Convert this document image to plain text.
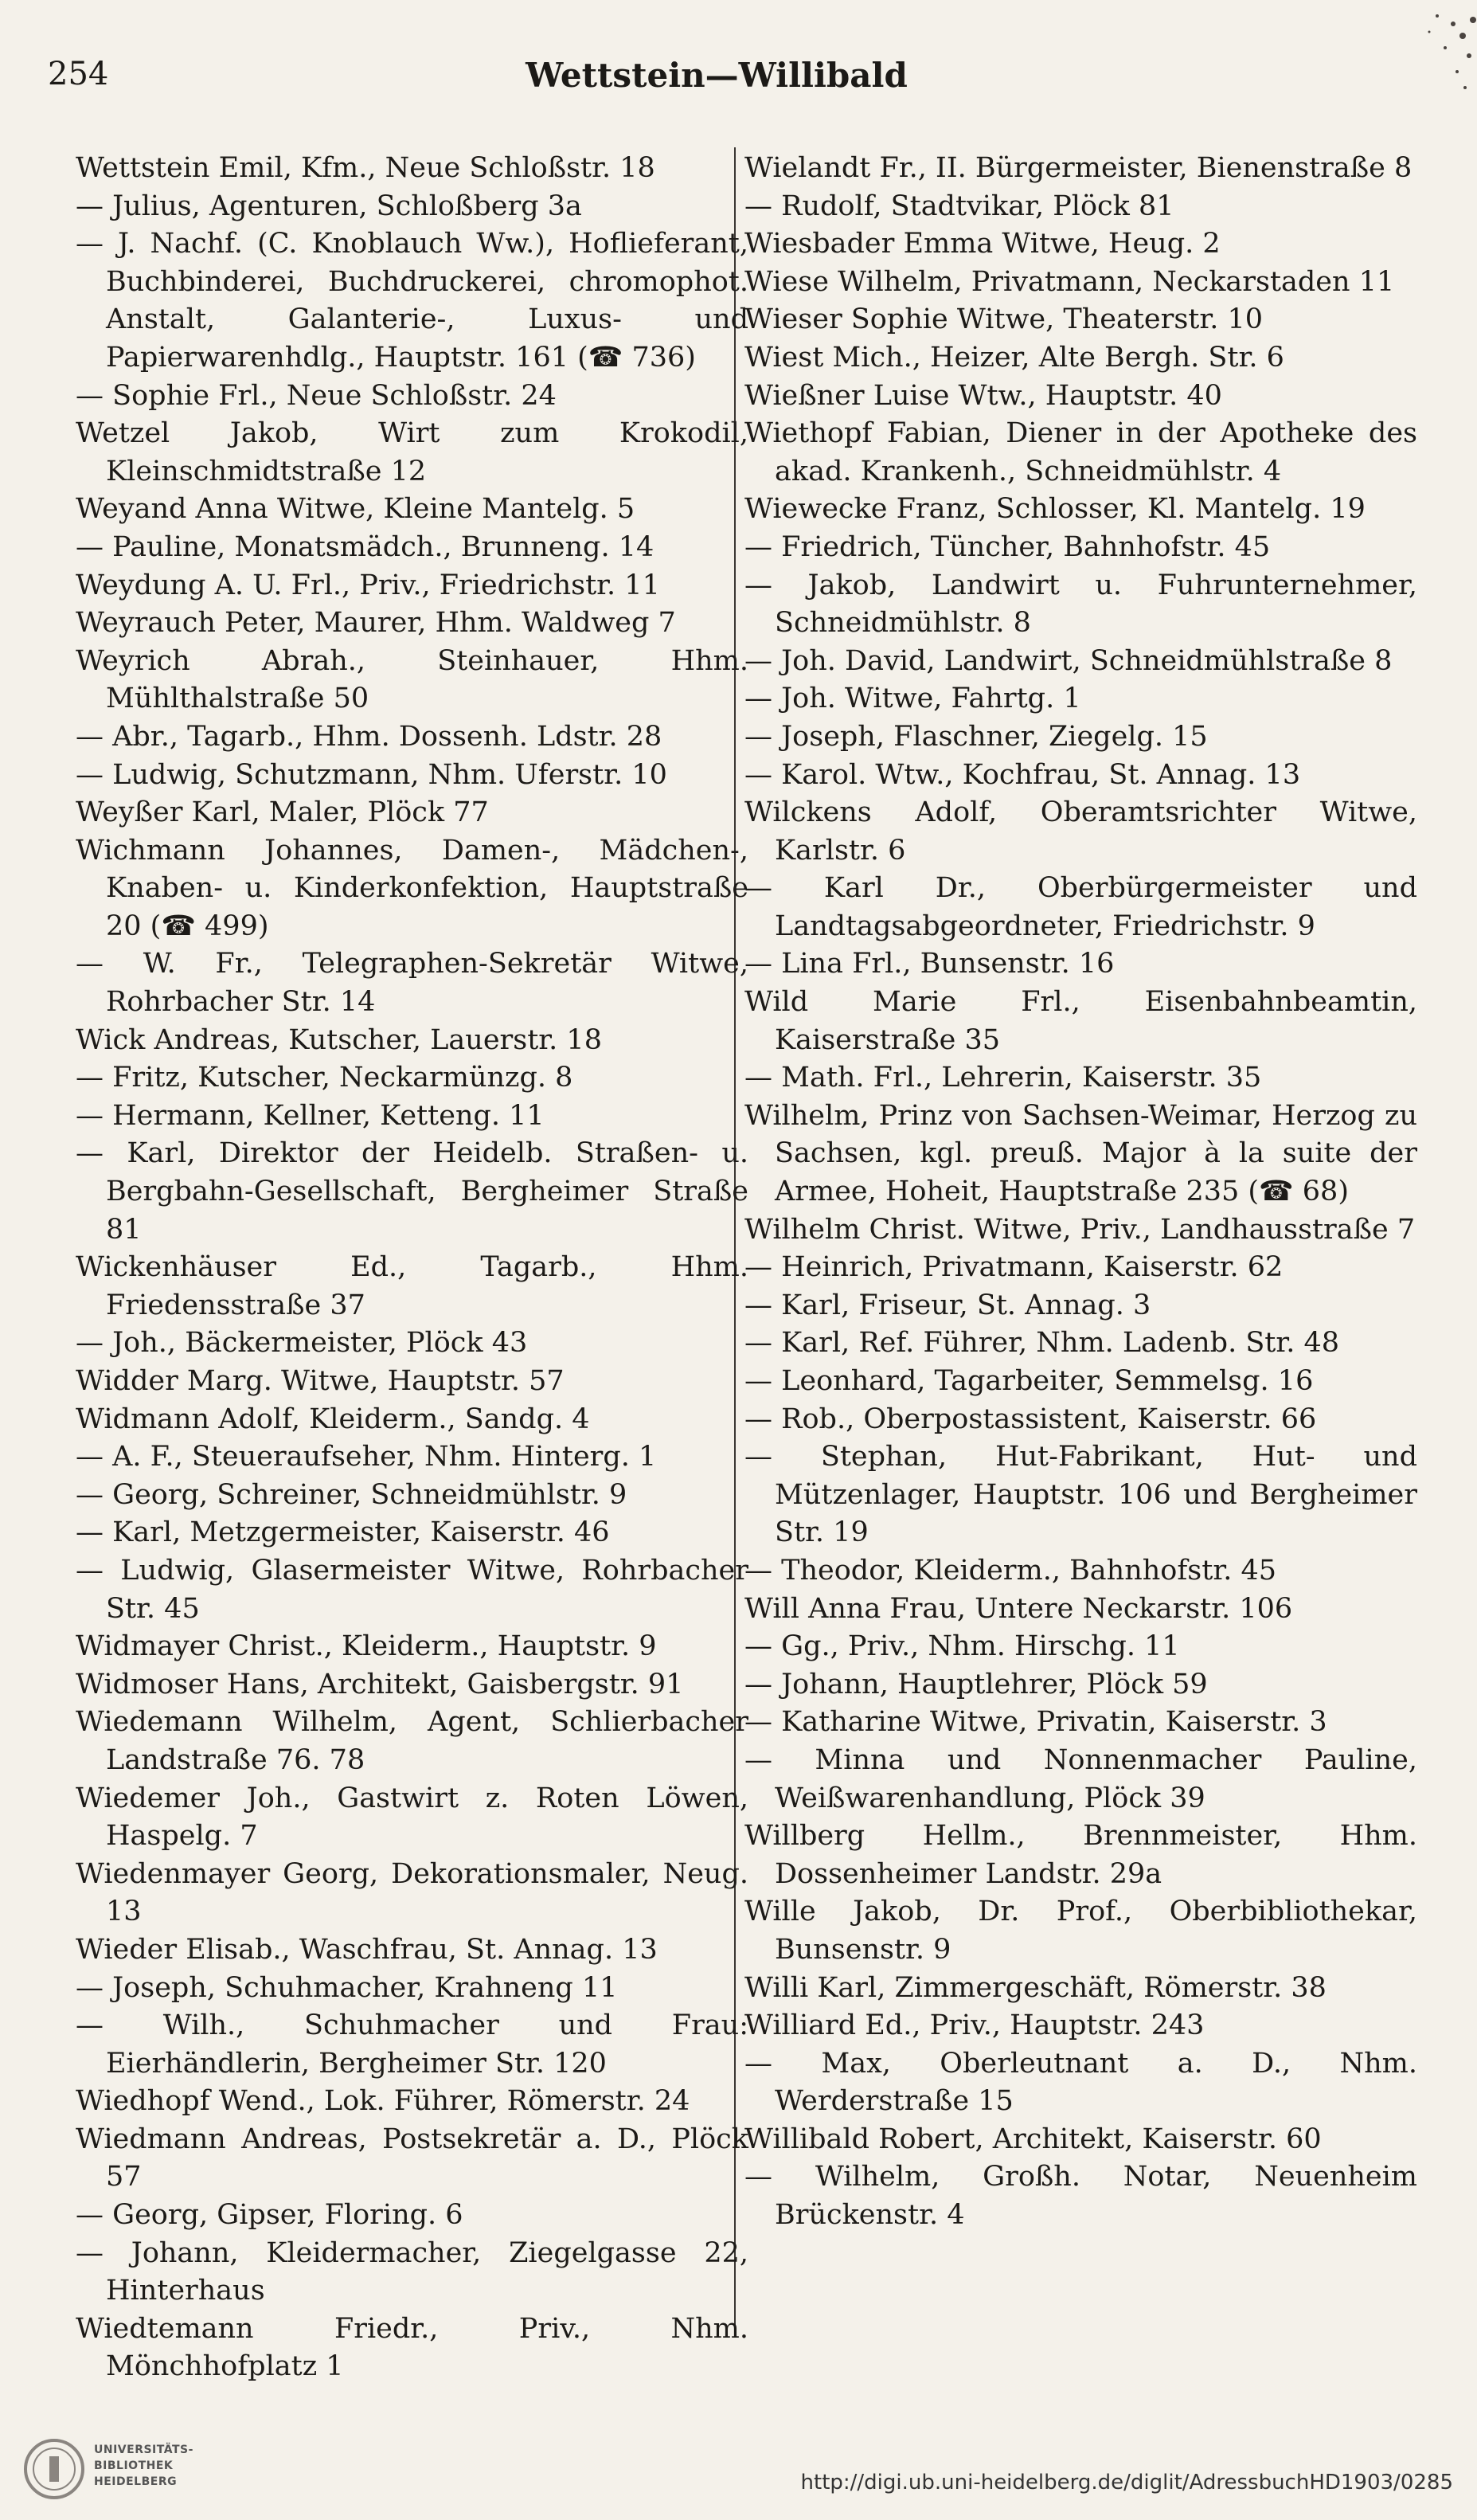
254	Wettstein—Willibald

Wettstein Emil, Kfm., Neue Schloßstr. 18

— Julius, Agenturen, Schloßberg 3a

— J. Nachf. (C. Knoblauch Ww.), Hoflieferant, Buchbinderei, Buchdruckerei, chromophot. Anstalt, Galanterie-, Luxus- und Papierwarenhdlg., Hauptstr. 161 (☎ 736)

— Sophie Frl., Neue Schloßstr. 24

Wetzel Jakob, Wirt zum Krokodil, Kleinschmidtstraße 12

Weyand Anna Witwe, Kleine Mantelg. 5

— Pauline, Monatsmädch., Brunneng. 14

Weydung A. U. Frl., Priv., Friedrichstr. 11

Weyrauch Peter, Maurer, Hhm. Waldweg 7

Weyrich Abrah., Steinhauer, Hhm. Mühlthalstraße 50

— Abr., Tagarb., Hhm. Dossenh. Ldstr. 28

— Ludwig, Schutzmann, Nhm. Uferstr. 10

Weyßer Karl, Maler, Plöck 77

Wichmann Johannes, Damen-, Mädchen-, Knaben- u. Kinderkonfektion, Hauptstraße 20 (☎ 499)

— W. Fr., Telegraphen-Sekretär Witwe, Rohrbacher Str. 14

Wick Andreas, Kutscher, Lauerstr. 18

— Fritz, Kutscher, Neckarmünzg. 8

— Hermann, Kellner, Ketteng. 11

— Karl, Direktor der Heidelb. Straßen- u. Bergbahn-Gesellschaft, Bergheimer Straße 81

Wickenhäuser Ed., Tagarb., Hhm. Friedensstraße 37

— Joh., Bäckermeister, Plöck 43

Widder Marg. Witwe, Hauptstr. 57

Widmann Adolf, Kleiderm., Sandg. 4

— A. F., Steueraufseher, Nhm. Hinterg. 1

— Georg, Schreiner, Schneidmühlstr. 9

— Karl, Metzgermeister, Kaiserstr. 46

— Ludwig, Glasermeister Witwe, Rohrbacher Str. 45

Widmayer Christ., Kleiderm., Hauptstr. 9

Widmoser Hans, Architekt, Gaisbergstr. 91

Wiedemann Wilhelm, Agent, Schlierbacher Landstraße 76. 78

Wiedemer Joh., Gastwirt z. Roten Löwen, Haspelg. 7

Wiedenmayer Georg, Dekorationsmaler, Neug. 13

Wieder Elisab., Waschfrau, St. Annag. 13

— Joseph, Schuhmacher, Krahneng 11

— Wilh., Schuhmacher und Frau: Eierhändlerin, Bergheimer Str. 120

Wiedhopf Wend., Lok. Führer, Römerstr. 24

Wiedmann Andreas, Postsekretär a. D., Plöck 57

— Georg, Gipser, Floring. 6

— Johann, Kleidermacher, Ziegelgasse 22, Hinterhaus

Wiedtemann Friedr., Priv., Nhm. Mönchhofplatz 1

Wielandt Fr., II. Bürgermeister, Bienenstraße 8

— Rudolf, Stadtvikar, Plöck 81

Wiesbader Emma Witwe, Heug. 2

Wiese Wilhelm, Privatmann, Neckarstaden 11

Wieser Sophie Witwe, Theaterstr. 10

Wiest Mich., Heizer, Alte Bergh. Str. 6

Wießner Luise Wtw., Hauptstr. 40

Wiethopf Fabian, Diener in der Apotheke des akad. Krankenh., Schneidmühlstr. 4

Wiewecke Franz, Schlosser, Kl. Mantelg. 19

— Friedrich, Tüncher, Bahnhofstr. 45

— Jakob, Landwirt u. Fuhrunternehmer, Schneidmühlstr. 8

— Joh. David, Landwirt, Schneidmühlstraße 8

— Joh. Witwe, Fahrtg. 1

— Joseph, Flaschner, Ziegelg. 15

— Karol. Wtw., Kochfrau, St. Annag. 13

Wilckens Adolf, Oberamtsrichter Witwe, Karlstr. 6

— Karl Dr., Oberbürgermeister und Landtagsabgeordneter, Friedrichstr. 9

— Lina Frl., Bunsenstr. 16

Wild Marie Frl., Eisenbahnbeamtin, Kaiserstraße 35

— Math. Frl., Lehrerin, Kaiserstr. 35

Wilhelm, Prinz von Sachsen-Weimar, Herzog zu Sachsen, kgl. preuß. Major à la suite der Armee, Hoheit, Hauptstraße 235 (☎ 68)

Wilhelm Christ. Witwe, Priv., Landhausstraße 7

— Heinrich, Privatmann, Kaiserstr. 62

— Karl, Friseur, St. Annag. 3

— Karl, Ref. Führer, Nhm. Ladenb. Str. 48

— Leonhard, Tagarbeiter, Semmelsg. 16

— Rob., Oberpostassistent, Kaiserstr. 66

— Stephan, Hut-Fabrikant, Hut- und Mützenlager, Hauptstr. 106 und Bergheimer Str. 19

— Theodor, Kleiderm., Bahnhofstr. 45

Will Anna Frau, Untere Neckarstr. 106

— Gg., Priv., Nhm. Hirschg. 11

— Johann, Hauptlehrer, Plöck 59

— Katharine Witwe, Privatin, Kaiserstr. 3

— Minna und Nonnenmacher Pauline, Weißwarenhandlung, Plöck 39

Willberg Hellm., Brennmeister, Hhm. Dossenheimer Landstr. 29a

Wille Jakob, Dr. Prof., Oberbibliothekar, Bunsenstr. 9

Willi Karl, Zimmergeschäft, Römerstr. 38

Williard Ed., Priv., Hauptstr. 243

— Max, Oberleutnant a. D., Nhm. Werderstraße 15

Willibald Robert, Architekt, Kaiserstr. 60

— Wilhelm, Großh. Notar, Neuenheim Brückenstr. 4

UNIVERSITÄTS-
BIBLIOTHEK
HEIDELBERG	http://digi.ub.uni-heidelberg.de/diglit/AdressbuchHD1903/0285
